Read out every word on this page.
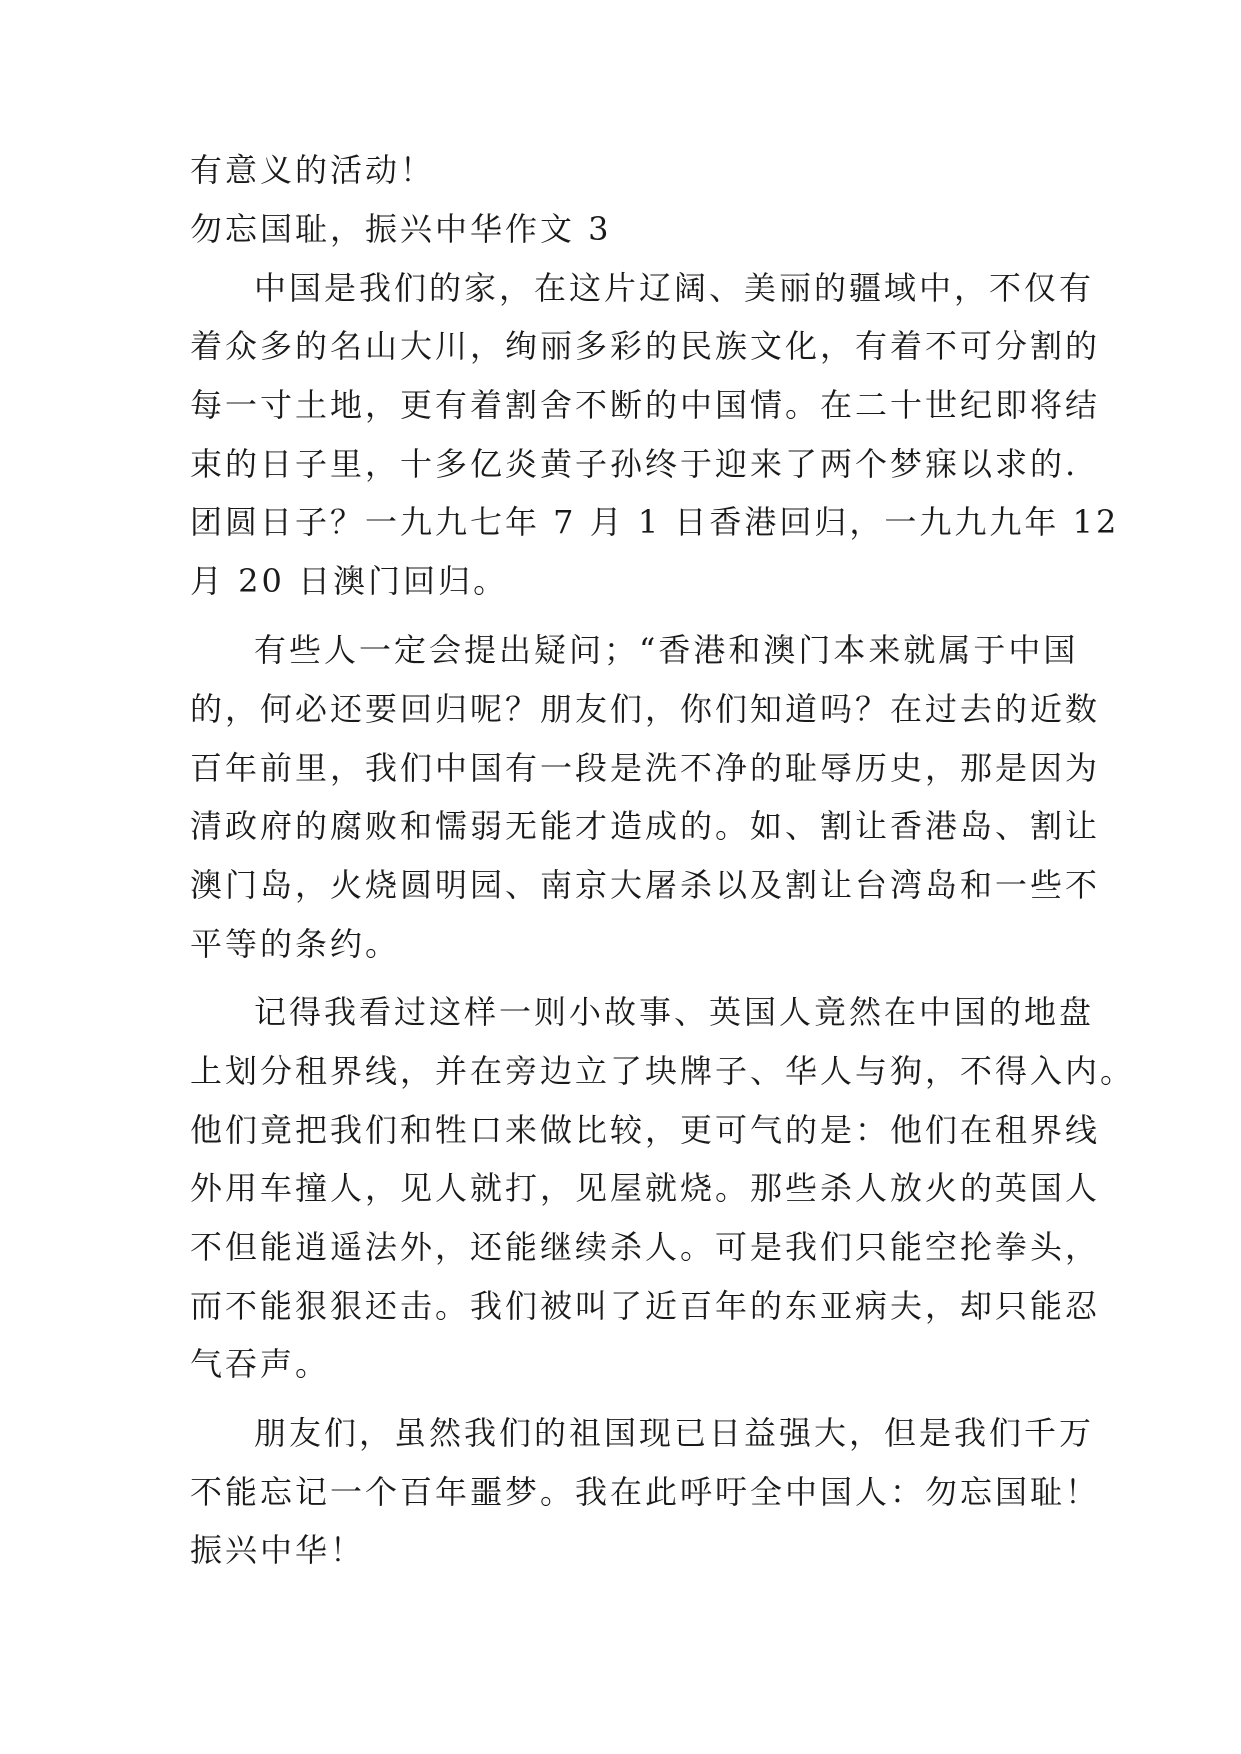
有意义的活动！
勿忘国耻，振兴中华作文 3
中国是我们的家，在这片辽阔、美丽的疆域中，不仅有
着众多的名山大川，绚丽多彩的民族文化，有着不可分割的
每一寸土地，更有着割舍不断的中国情。在二十世纪即将结
束的日子里，十多亿炎黄子孙终于迎来了两个梦寐以求的.
团圆日子？一九九七年 7 月 1 日香港回归，一九九九年 12
月 20 日澳门回归。
有些人一定会提出疑问；“香港和澳门本来就属于中国
的，何必还要回归呢？朋友们，你们知道吗？在过去的近数
百年前里，我们中国有一段是洗不净的耻辱历史，那是因为
清政府的腐败和懦弱无能才造成的。如、割让香港岛、割让
澳门岛，火烧圆明园、南京大屠杀以及割让台湾岛和一些不
平等的条约。
记得我看过这样一则小故事、英国人竟然在中国的地盘
上划分租界线，并在旁边立了块牌子、华人与狗，不得入内。
他们竟把我们和牲口来做比较，更可气的是：他们在租界线
外用车撞人，见人就打，见屋就烧。那些杀人放火的英国人
不但能逍遥法外，还能继续杀人。可是我们只能空抡拳头，
而不能狠狠还击。我们被叫了近百年的东亚病夫，却只能忍
气吞声。
朋友们，虽然我们的祖国现已日益强大，但是我们千万
不能忘记一个百年噩梦。我在此呼吁全中国人：勿忘国耻！
振兴中华！
